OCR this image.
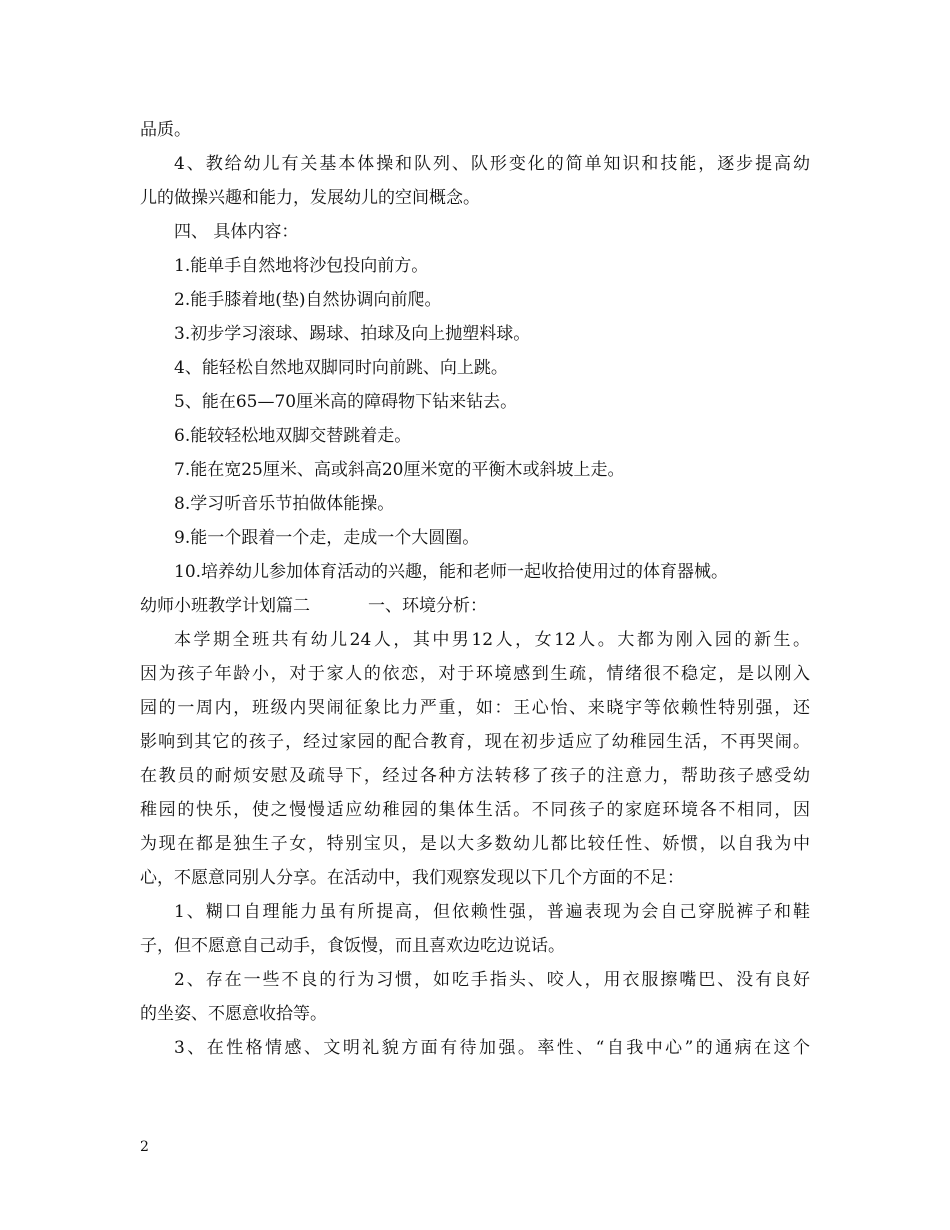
品质。
4、教给幼儿有关基本体操和队列、队形变化的简单知识和技能，逐步提高幼
儿的做操兴趣和能力，发展幼儿的空间概念。
四、 具体内容：
1.能单手自然地将沙包投向前方。
2.能手膝着地(垫)自然协调向前爬。
3.初步学习滚球、踢球、拍球及向上抛塑料球。
4、能轻松自然地双脚同时向前跳、向上跳。
5、能在65—70厘米高的障碍物下钻来钻去。
6.能较轻松地双脚交替跳着走。
7.能在宽25厘米、高或斜高20厘米宽的平衡木或斜坡上走。
8.学习听音乐节拍做体能操。
9.能一个跟着一个走，走成一个大圆圈。
10.培养幼儿参加体育活动的兴趣，能和老师一起收拾使用过的体育器械。
幼师小班教学计划篇二	一、环境分析：
本学期全班共有幼儿24人，其中男12人，女12人。大都为刚入园的新生。
因为孩子年龄小，对于家人的依恋，对于环境感到生疏，情绪很不稳定，是以刚入
园的一周内，班级内哭闹征象比力严重，如：王心怡、来晓宇等依赖性特别强，还
影响到其它的孩子，经过家园的配合教育，现在初步适应了幼稚园生活，不再哭闹。
在教员的耐烦安慰及疏导下，经过各种方法转移了孩子的注意力，帮助孩子感受幼
稚园的快乐，使之慢慢适应幼稚园的集体生活。不同孩子的家庭环境各不相同，因
为现在都是独生子女，特别宝贝，是以大多数幼儿都比较任性、娇惯，以自我为中
心，不愿意同别人分享。在活动中，我们观察发现以下几个方面的不足：
1、糊口自理能力虽有所提高，但依赖性强，普遍表现为会自己穿脱裤子和鞋
子，但不愿意自己动手，食饭慢，而且喜欢边吃边说话。
2、存在一些不良的行为习惯，如吃手指头、咬人，用衣服擦嘴巴、没有良好
的坐姿、不愿意收拾等。
3、在性格情感、文明礼貌方面有待加强。率性、“自我中心”的通病在这个
2
